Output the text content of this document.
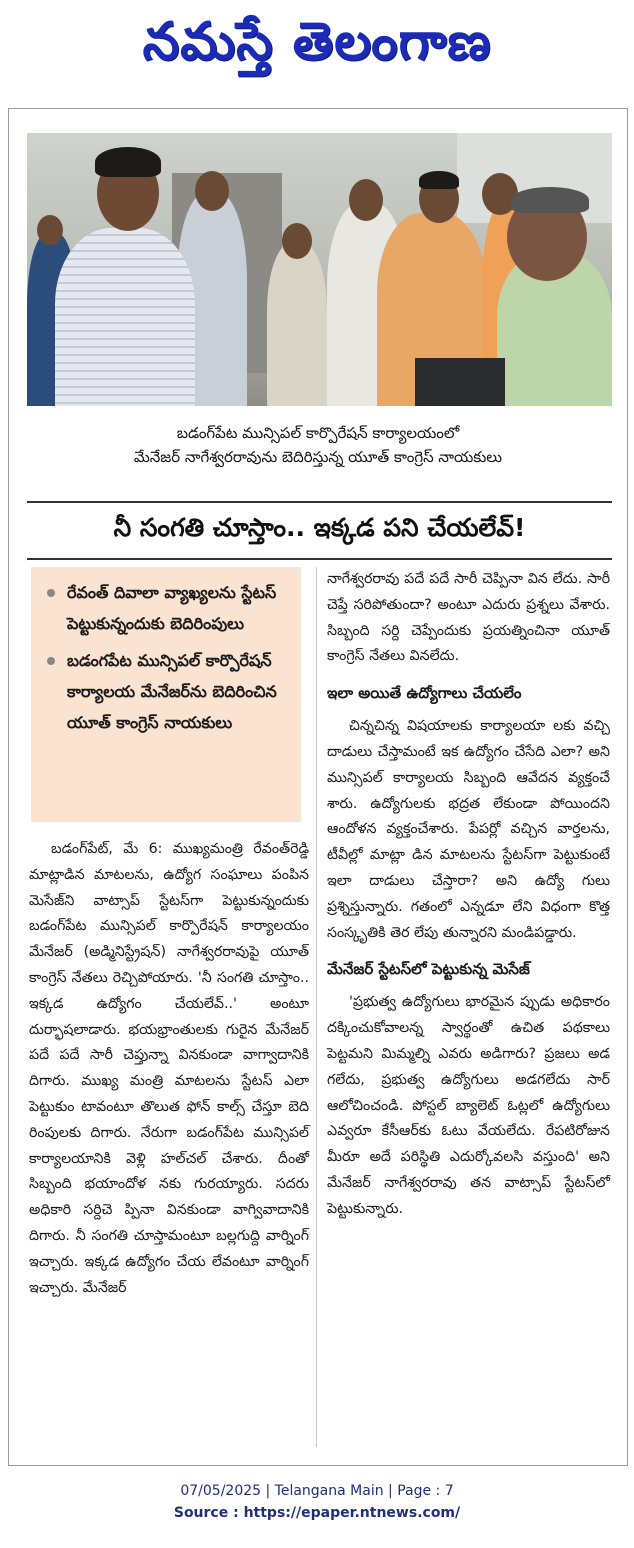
నమస్తే తెలంగాణ
బడంగ్‌పేట మున్సిపల్ కార్పొరేషన్ కార్యాలయంలో
మేనేజర్ నాగేశ్వరరావును బెదిరిస్తున్న యూత్ కాంగ్రెస్ నాయకులు
నీ సంగతి చూస్తాం.. ఇక్కడ పని చేయలేవ్!
రేవంత్ దివాలా వ్యాఖ్యలను స్టేటస్ పెట్టుకున్నందుకు బెదిరింపులు
బడంగపేట మున్సిపల్ కార్పొరేషన్ కార్యాలయ మేనేజర్‌ను బెదిరించిన యూత్ కాంగ్రెస్ నాయకులు

బడంగ్‌పేట్, మే 6: ముఖ్యమంత్రి రేవంత్‌రెడ్డి మాట్లాడిన మాటలను, ఉద్యోగ సంఘాలు పంపిన మెసేజ్‌ని వాట్సాప్ స్టేటస్‌గా పెట్టుకున్నందుకు బడంగ్‌పేట మున్సిపల్ కార్పొరేషన్ కార్యాలయం మేనేజర్ (అడ్మినిస్ట్రేషన్) నాగేశ్వరరావుపై యూత్ కాంగ్రెస్ నేతలు రెచ్చిపోయారు. 'నీ సంగతి చూస్తాం.. ఇక్కడ ఉద్యోగం చేయలేవ్..' అంటూ దుర్భాషలాడారు. భయభ్రాంతులకు గురైన మేనేజర్ పదే పదే సారీ చెప్తున్నా వినకుండా వాగ్వాదానికి దిగారు. ముఖ్య మంత్రి మాటలను స్టేటస్ ఎలా పెట్టుకుం టావంటూ తొలుత ఫోన్ కాల్స్ చేస్తూ బెది రింపులకు దిగారు. నేరుగా బడంగ్‌పేట మున్సిపల్ కార్యాలయానికి వెళ్లి హల్‌చల్ చేశారు. దీంతో సిబ్బంది భయాందోళ నకు గురయ్యారు. సదరు అధికారి సర్దిచె ప్పినా వినకుండా వాగ్వివాదానికి దిగారు. నీ సంగతి చూస్తామంటూ బల్లగుద్ది వార్నింగ్ ఇచ్చారు. ఇక్కడ ఉద్యోగం చేయ లేవంటూ వార్నింగ్ ఇచ్చారు. మేనేజర్

నాగేశ్వరరావు పదే పదే సారీ చెప్పినా విన లేదు. సారీ చెప్తే సరిపోతుందా? అంటూ ఎదురు ప్రశ్నలు వేశారు. సిబ్బంది సర్ది చెప్పేందుకు ప్రయత్నించినా యూత్ కాంగ్రెస్ నేతలు వినలేదు.

ఇలా అయితే ఉద్యోగాలు చేయలేం

చిన్నచిన్న విషయాలకు కార్యాలయా లకు వచ్చి దాడులు చేస్తామంటే ఇక ఉద్యోగం చేసేది ఎలా? అని మున్సిపల్ కార్యాలయ సిబ్బంది ఆవేదన వ్యక్తంచే శారు. ఉద్యోగులకు భద్రత లేకుండా పోయిందని ఆందోళన వ్యక్తంచేశారు. పేపర్లో వచ్చిన వార్తలను, టీవీల్లో మాట్లా డిన మాటలను స్టేటస్‌గా పెట్టుకుంటే ఇలా దాడులు చేస్తారా? అని ఉద్యో గులు ప్రశ్నిస్తున్నారు. గతంలో ఎన్నడూ లేని విధంగా కొత్త సంస్కృతికి తెర లేపు తున్నారని మండిపడ్డారు.

మేనేజర్ స్టేటస్‌లో పెట్టుకున్న మెసేజ్

'ప్రభుత్వ ఉద్యోగులు భారమైన ప్పుడు అధికారం దక్కించుకోవాలన్న స్వార్థంతో ఉచిత పథకాలు పెట్టమని మిమ్మల్ని ఎవరు అడిగారు? ప్రజలు అడ గలేదు, ప్రభుత్వ ఉద్యోగులు అడగలేదు సార్ ఆలోచించండి. పోస్టల్ బ్యాలెట్ ఓట్లలో ఉద్యోగులు ఎవ్వరూ కేసీఆర్‌కు ఓటు వేయలేదు. రేపటిరోజున మీరూ అదే పరిస్థితి ఎదుర్కోవలసి వస్తుంది' అని మేనేజర్ నాగేశ్వరరావు తన వాట్సాప్ స్టేటస్‌లో పెట్టుకున్నారు.

07/05/2025 | Telangana Main | Page : 7
Source : https://epaper.ntnews.com/
